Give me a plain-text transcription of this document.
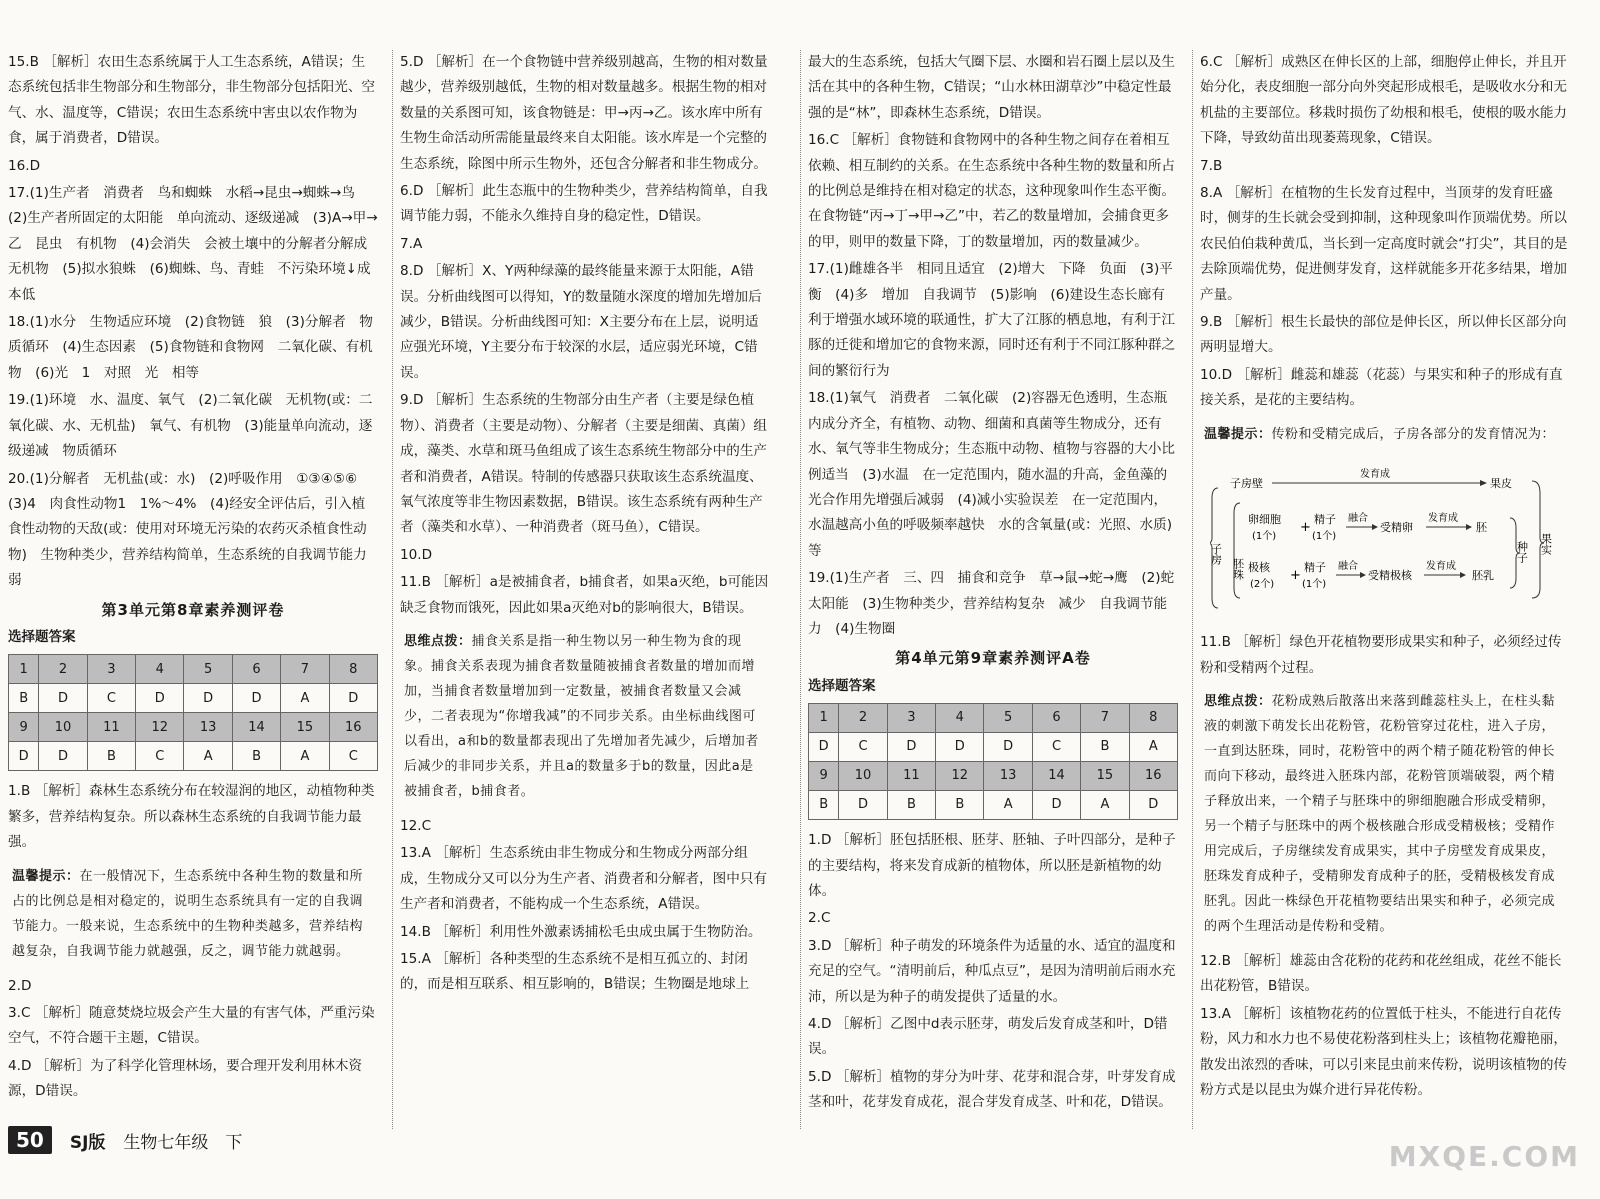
15.B ［解析］农田生态系统属于人工生态系统，A错误；生态系统包括非生物部分和生物部分，非生物部分包括阳光、空气、水、温度等，C错误；农田生态系统中害虫以农作物为食，属于消费者，D错误。
16.D
17.(1)生产者　消费者　鸟和蜘蛛　水稻→昆虫→蜘蛛→鸟　(2)生产者所固定的太阳能　单向流动、逐级递减　(3)A→甲→乙　昆虫　有机物　(4)会消失　会被土壤中的分解者分解成无机物　(5)拟水狼蛛　(6)蜘蛛、鸟、青蛙　不污染环境↓成本低
18.(1)水分　生物适应环境　(2)食物链　狼　(3)分解者　物质循环　(4)生态因素　(5)食物链和食物网　二氧化碳、有机物　(6)光　1　对照　光　相等
19.(1)环境　水、温度、氧气　(2)二氧化碳　无机物(或：二氧化碳、水、无机盐)　氧气、有机物　(3)能量单向流动，逐级递减　物质循环
20.(1)分解者　无机盐(或：水)　(2)呼吸作用　①③④⑤⑥　(3)4　肉食性动物1　1%～4%　(4)经安全评估后，引入植食性动物的天敌(或：使用对环境无污染的农药灭杀植食性动物)　生物种类少，营养结构简单，生态系统的自我调节能力弱
第3单元第8章素养测评卷
选择题答案
1	2	3	4	5	6	7	8
B	D	C	D	D	D	A	D
9	10	11	12	13	14	15	16
D	D	B	C	A	B	A	C
1.B ［解析］森林生态系统分布在较湿润的地区，动植物种类繁多，营养结构复杂。所以森林生态系统的自我调节能力最强。
温馨提示：在一般情况下，生态系统中各种生物的数量和所占的比例总是相对稳定的，说明生态系统具有一定的自我调节能力。一般来说，生态系统中的生物种类越多，营养结构越复杂，自我调节能力就越强，反之，调节能力就越弱。
2.D
3.C ［解析］随意焚烧垃圾会产生大量的有害气体，严重污染空气，不符合题干主题，C错误。
4.D ［解析］为了科学化管理林场，要合理开发利用林木资源，D错误。
5.D ［解析］在一个食物链中营养级别越高，生物的相对数量越少，营养级别越低，生物的相对数量越多。根据生物的相对数量的关系图可知，该食物链是：甲→丙→乙。该水库中所有生物生命活动所需能量最终来自太阳能。该水库是一个完整的生态系统，除图中所示生物外，还包含分解者和非生物成分。
6.D ［解析］此生态瓶中的生物种类少，营养结构简单，自我调节能力弱，不能永久维持自身的稳定性，D错误。
7.A
8.D ［解析］X、Y两种绿藻的最终能量来源于太阳能，A错误。分析曲线图可以得知，Y的数量随水深度的增加先增加后减少，B错误。分析曲线图可知：X主要分布在上层，说明适应强光环境，Y主要分布于较深的水层，适应弱光环境，C错误。
9.D ［解析］生态系统的生物部分由生产者（主要是绿色植物）、消费者（主要是动物）、分解者（主要是细菌、真菌）组成，藻类、水草和斑马鱼组成了该生态系统生物部分中的生产者和消费者，A错误。特制的传感器只获取该生态系统温度、氧气浓度等非生物因素数据，B错误。该生态系统有两种生产者（藻类和水草）、一种消费者（斑马鱼），C错误。
10.D
11.B ［解析］a是被捕食者，b捕食者，如果a灭绝，b可能因缺乏食物而饿死，因此如果a灭绝对b的影响很大，B错误。
思维点拨：捕食关系是指一种生物以另一种生物为食的现象。捕食关系表现为捕食者数量随被捕食者数量的增加而增加，当捕食者数量增加到一定数量，被捕食者数量又会减少，二者表现为“你增我减”的不同步关系。由坐标曲线图可以看出，a和b的数量都表现出了先增加者先减少，后增加者后减少的非同步关系，并且a的数量多于b的数量，因此a是被捕食者，b捕食者。
12.C
13.A ［解析］生态系统由非生物成分和生物成分两部分组成，生物成分又可以分为生产者、消费者和分解者，图中只有生产者和消费者，不能构成一个生态系统，A错误。
14.B ［解析］利用性外激素诱捕松毛虫成虫属于生物防治。
15.A ［解析］各种类型的生态系统不是相互孤立的、封闭的，而是相互联系、相互影响的，B错误；生物圈是地球上
最大的生态系统，包括大气圈下层、水圈和岩石圈上层以及生活在其中的各种生物，C错误；“山水林田湖草沙”中稳定性最强的是“林”，即森林生态系统，D错误。
16.C ［解析］食物链和食物网中的各种生物之间存在着相互依赖、相互制约的关系。在生态系统中各种生物的数量和所占的比例总是维持在相对稳定的状态，这种现象叫作生态平衡。在食物链“丙→丁→甲→乙”中，若乙的数量增加，会捕食更多的甲，则甲的数量下降，丁的数量增加，丙的数量减少。
17.(1)雌雄各半　相同且适宜　(2)增大　下降　负面　(3)平衡　(4)多　增加　自我调节　(5)影响　(6)建设生态长廊有利于增强水域环境的联通性，扩大了江豚的栖息地，有利于江豚的迁徙和增加它的食物来源，同时还有利于不同江豚种群之间的繁衍行为
18.(1)氧气　消费者　二氧化碳　(2)容器无色透明，生态瓶内成分齐全，有植物、动物、细菌和真菌等生物成分，还有水、氧气等非生物成分；生态瓶中动物、植物与容器的大小比例适当　(3)水温　在一定范围内，随水温的升高，金鱼藻的光合作用先增强后减弱　(4)减小实验误差　在一定范围内，水温越高小鱼的呼吸频率越快　水的含氧量(或：光照、水质)等
19.(1)生产者　三、四　捕食和竞争　草→鼠→蛇→鹰　(2)蛇　太阳能　(3)生物种类少，营养结构复杂　减少　自我调节能力　(4)生物圈
第4单元第9章素养测评A卷
选择题答案
1	2	3	4	5	6	7	8
D	C	D	D	D	C	B	A
9	10	11	12	13	14	15	16
B	D	B	B	A	D	A	D
1.D ［解析］胚包括胚根、胚芽、胚轴、子叶四部分，是种子的主要结构，将来发育成新的植物体，所以胚是新植物的幼体。
2.C
3.D ［解析］种子萌发的环境条件为适量的水、适宜的温度和充足的空气。“清明前后，种瓜点豆”，是因为清明前后雨水充沛，所以是为种子的萌发提供了适量的水。
4.D ［解析］乙图中d表示胚芽，萌发后发育成茎和叶，D错误。
5.D ［解析］植物的芽分为叶芽、花芽和混合芽，叶芽发育成茎和叶，花芽发育成花，混合芽发育成茎、叶和花，D错误。
6.C ［解析］成熟区在伸长区的上部，细胞停止伸长，并且开始分化，表皮细胞一部分向外突起形成根毛，是吸收水分和无机盐的主要部位。移栽时损伤了幼根和根毛，使根的吸水能力下降，导致幼苗出现萎蔫现象，C错误。
7.B
8.A ［解析］在植物的生长发育过程中，当顶芽的发育旺盛时，侧芽的生长就会受到抑制，这种现象叫作顶端优势。所以农民伯伯栽种黄瓜，当长到一定高度时就会“打尖”，其目的是去除顶端优势，促进侧芽发育，这样就能多开花多结果，增加产量。
9.B ［解析］根生长最快的部位是伸长区，所以伸长区部分向两明显增大。
10.D ［解析］雌蕊和雄蕊（花蕊）与果实和种子的形成有直接关系，是花的主要结构。
温馨提示：传粉和受精完成后，子房各部分的发育情况为：
子房
子房壁
发育成
果皮
胚珠
卵细胞
(1个)
+
精子
(1个)
融合
受精卵
发育成
胚
极核
(2个)
+
精子
(1个)
融合
受精极核
发育成
胚乳
种子 果实
11.B ［解析］绿色开花植物要形成果实和种子，必须经过传粉和受精两个过程。
思维点拨：花粉成熟后散落出来落到雌蕊柱头上，在柱头黏液的刺激下萌发长出花粉管，花粉管穿过花柱，进入子房，一直到达胚珠，同时，花粉管中的两个精子随花粉管的伸长而向下移动，最终进入胚珠内部，花粉管顶端破裂，两个精子释放出来，一个精子与胚珠中的卵细胞融合形成受精卵，另一个精子与胚珠中的两个极核融合形成受精极核；受精作用完成后，子房继续发育成果实，其中子房壁发育成果皮，胚珠发育成种子，受精卵发育成种子的胚，受精极核发育成胚乳。因此一株绿色开花植物要结出果实和种子，必须完成的两个生理活动是传粉和受精。
12.B ［解析］雄蕊由含花粉的花药和花丝组成，花丝不能长出花粉管，B错误。
13.A ［解析］该植物花药的位置低于柱头，不能进行自花传粉，风力和水力也不易使花粉落到柱头上；该植物花瓣艳丽，散发出浓烈的香味，可以引来昆虫前来传粉，说明该植物的传粉方式是以昆虫为媒介进行异花传粉。
50	SJ版 生物七年级　下	MXQE.COM
